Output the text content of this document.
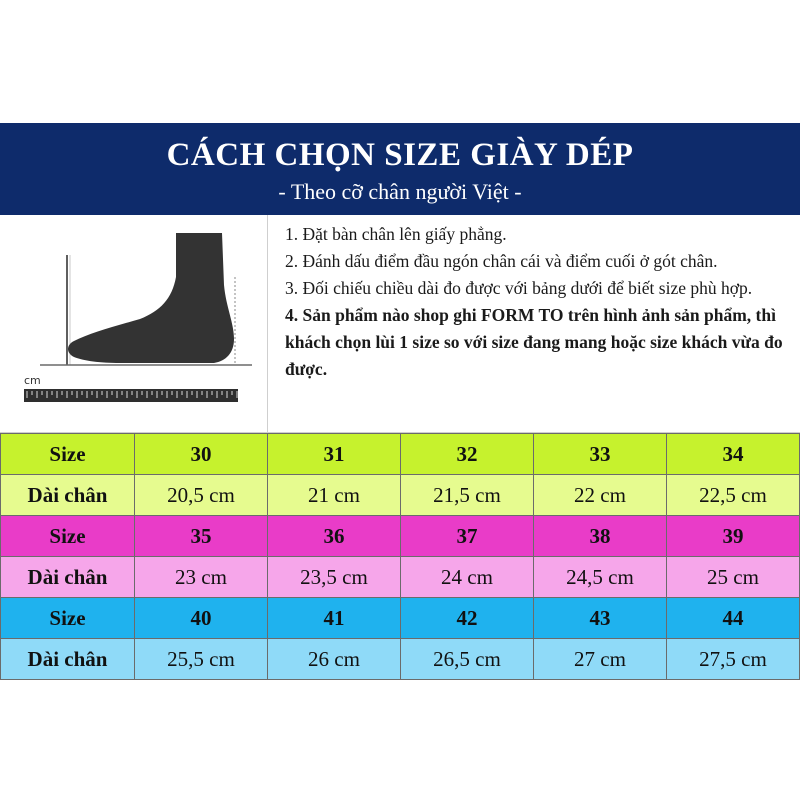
CÁCH CHỌN SIZE GIÀY DÉP
- Theo cỡ chân người Việt -
cm

1. Đặt bàn chân lên giấy phẳng.

2. Đánh dấu điểm đầu ngón chân cái và điểm cuối ở gót chân.

3. Đối chiếu chiều dài đo được với bảng dưới để biết size phù hợp.

4. Sản phẩm nào shop ghi FORM TO trên hình ảnh sản phẩm, thì khách chọn lùi 1 size so với size đang mang hoặc size khách vừa đo được.

Size	30	31	32	33	34
Dài chân	20,5 cm	21 cm	21,5 cm	22 cm	22,5 cm
Size	35	36	37	38	39
Dài chân	23 cm	23,5 cm	24 cm	24,5 cm	25 cm
Size	40	41	42	43	44
Dài chân	25,5 cm	26 cm	26,5 cm	27 cm	27,5 cm
